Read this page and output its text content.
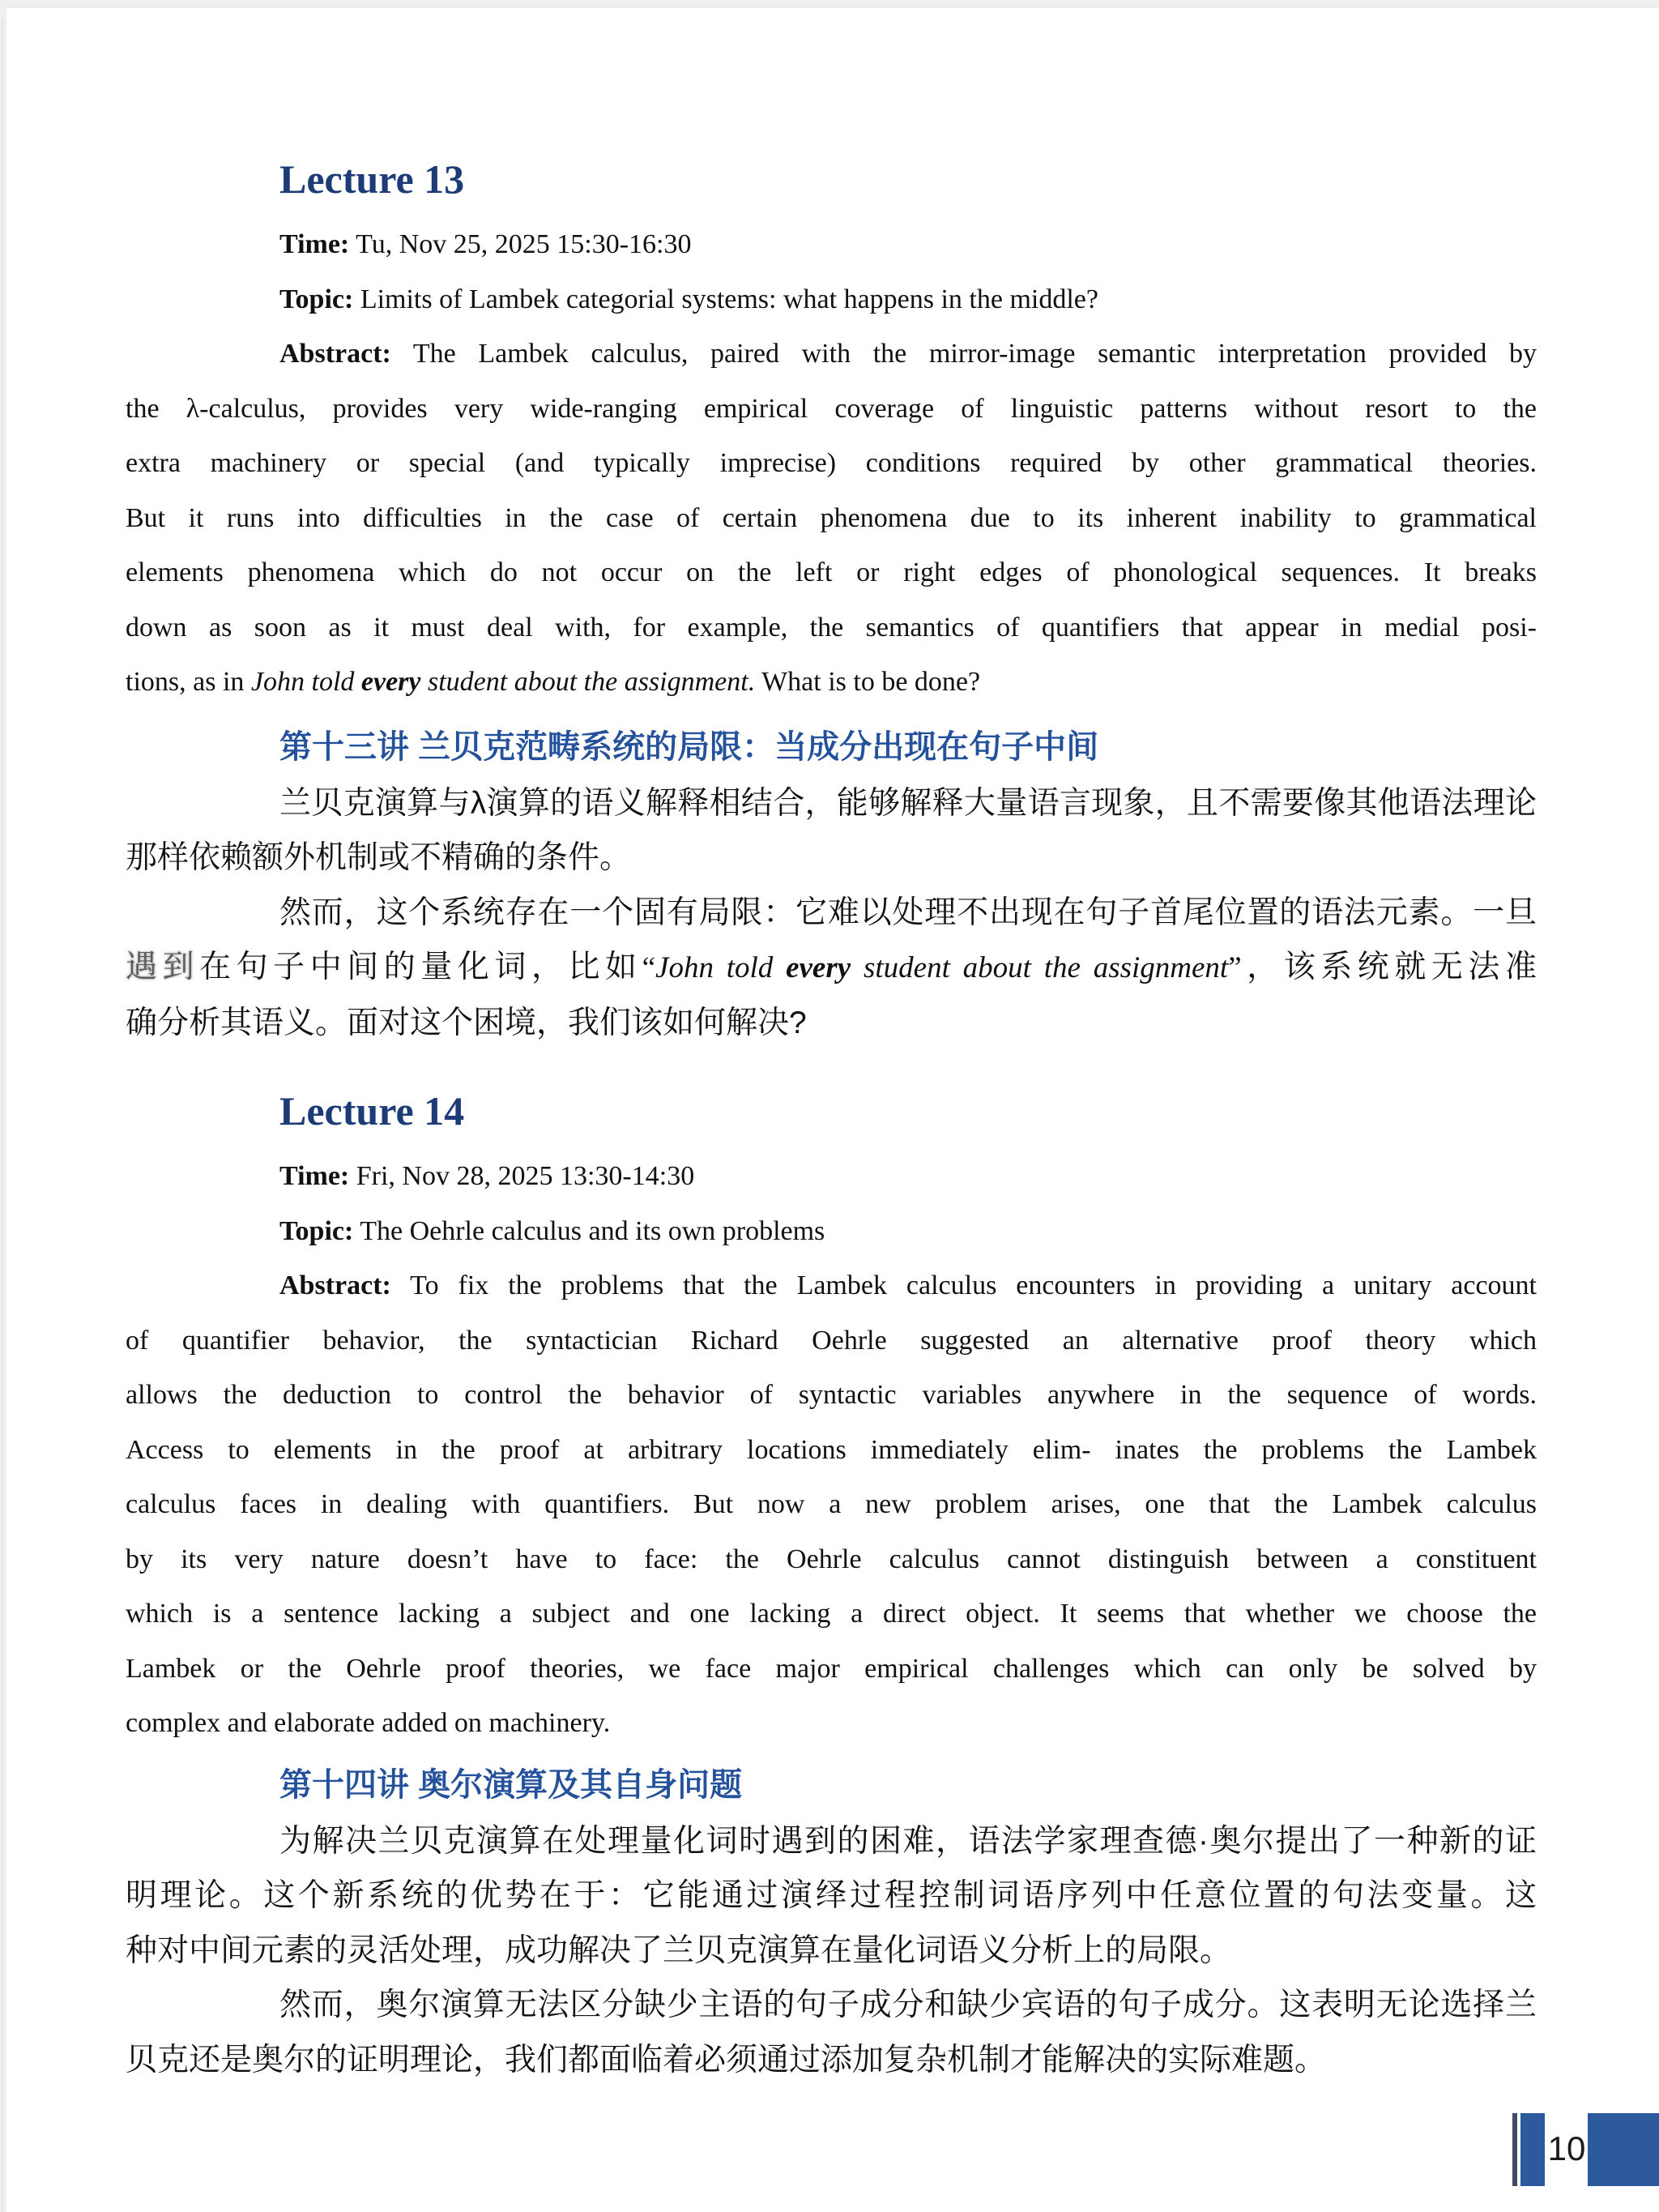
Lecture 13
Time: Tu, Nov 25, 2025 15:30-16:30
Topic: Limits of Lambek categorial systems: what happens in the middle?
Abstract: The Lambek calculus, paired with the mirror-image semantic interpretation provided by
the λ-calculus, provides very wide-ranging empirical coverage of linguistic patterns without resort to the
extra machinery or special (and typically imprecise) conditions required by other grammatical theories.
But it runs into difficulties in the case of certain phenomena due to its inherent inability to grammatical
elements phenomena which do not occur on the left or right edges of phonological sequences. It breaks
down as soon as it must deal with, for example, the semantics of quantifiers that appear in medial posi-
tions, as in John told every student about the assignment. What is to be done?
第十三讲 兰贝克范畴系统的局限：当成分出现在句子中间
兰贝克演算与λ演算的语义解释相结合，能够解释大量语言现象，且不需要像其他语法理论
那样依赖额外机制或不精确的条件。
然而，这个系统存在一个固有局限：它难以处理不出现在句子首尾位置的语法元素。一旦
遇到在句子中间的量化词，比如“John told every student about the assignment”，该系统就无法准
确分析其语义。面对这个困境，我们该如何解决?
Lecture 14
Time: Fri, Nov 28, 2025 13:30-14:30
Topic: The Oehrle calculus and its own problems
Abstract: To fix the problems that the Lambek calculus encounters in providing a unitary account
of quantifier behavior, the syntactician Richard Oehrle suggested an alternative proof theory which
allows the deduction to control the behavior of syntactic variables anywhere in the sequence of words.
Access to elements in the proof at arbitrary locations immediately elim- inates the problems the Lambek
calculus faces in dealing with quantifiers. But now a new problem arises, one that the Lambek calculus
by its very nature doesn’t have to face: the Oehrle calculus cannot distinguish between a constituent
which is a sentence lacking a subject and one lacking a direct object. It seems that whether we choose the
Lambek or the Oehrle proof theories, we face major empirical challenges which can only be solved by
complex and elaborate added on machinery.
第十四讲 奥尔演算及其自身问题
为解决兰贝克演算在处理量化词时遇到的困难，语法学家理查德·奥尔提出了一种新的证
明理论。这个新系统的优势在于：它能通过演绎过程控制词语序列中任意位置的句法变量。这
种对中间元素的灵活处理，成功解决了兰贝克演算在量化词语义分析上的局限。
然而，奥尔演算无法区分缺少主语的句子成分和缺少宾语的句子成分。这表明无论选择兰
贝克还是奥尔的证明理论，我们都面临着必须通过添加复杂机制才能解决的实际难题。
10
